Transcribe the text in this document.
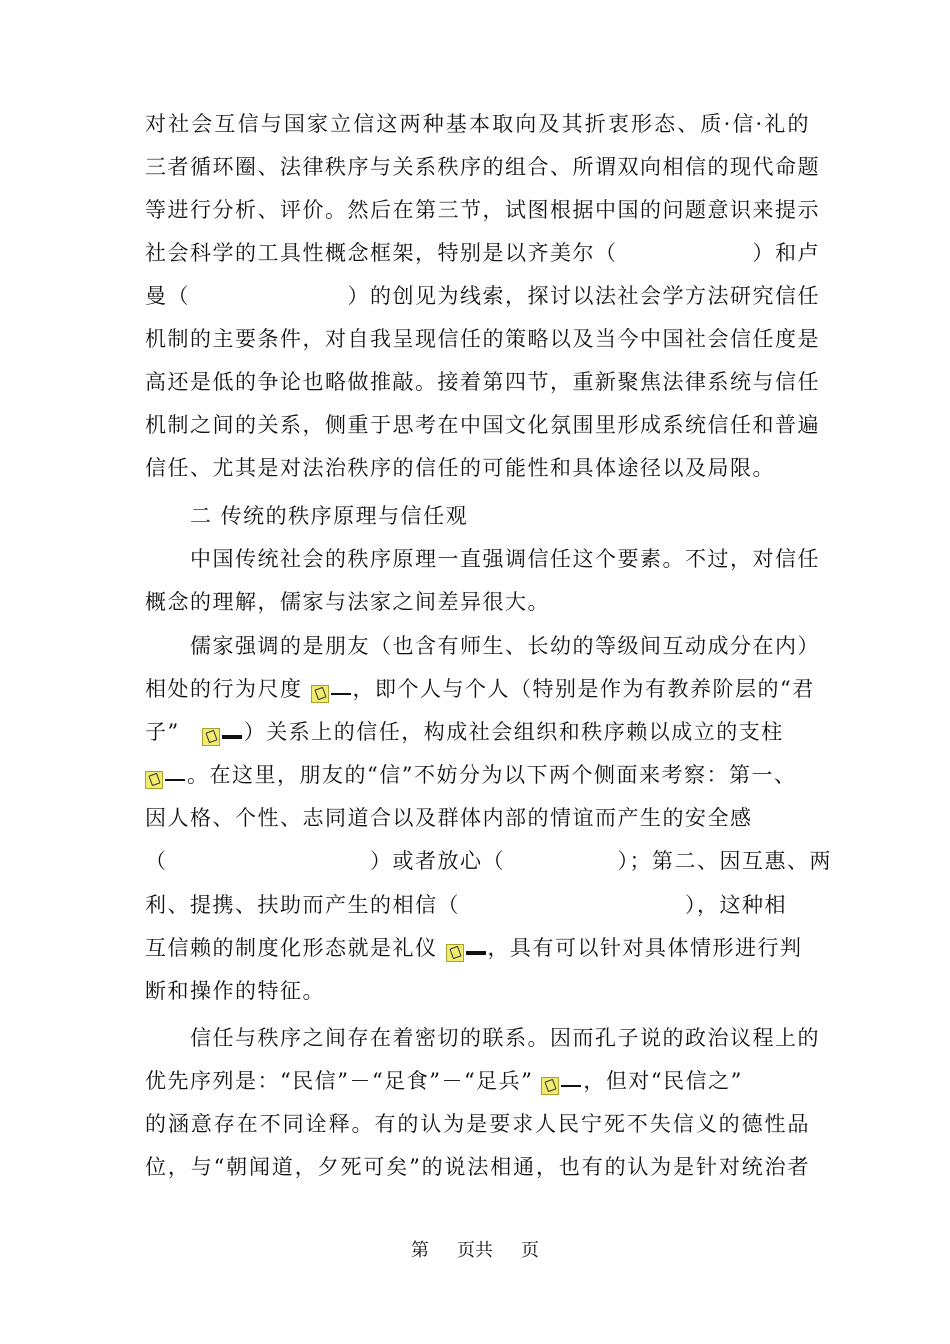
对社会互信与国家立信这两种基本取向及其折衷形态、质·信·礼的
三者循环圈、法律秩序与关系秩序的组合、所谓双向相信的现代命题
等进行分析、评价。然后在第三节，试图根据中国的问题意识来提示
社会科学的工具性概念框架，特别是以齐美尔（　　　　　　）和卢
曼（　　　　　　　）的创见为线索，探讨以法社会学方法研究信任
机制的主要条件，对自我呈现信任的策略以及当今中国社会信任度是
高还是低的争论也略做推敲。接着第四节，重新聚焦法律系统与信任
机制之间的关系，侧重于思考在中国文化氛围里形成系统信任和普遍
信任、尤其是对法治秩序的信任的可能性和具体途径以及局限。
二 传统的秩序原理与信任观
中国传统社会的秩序原理一直强调信任这个要素。不过，对信任
概念的理解，儒家与法家之间差异很大。
儒家强调的是朋友（也含有师生、长幼的等级间互动成分在内）
相处的行为尺度 ，即个人与个人（特别是作为有教养阶层的“君
子”	）关系上的信任，构成社会组织和秩序赖以成立的支柱
。在这里，朋友的“信”不妨分为以下两个侧面来考察：第一、
因人格、个性、志同道合以及群体内部的情谊而产生的安全感
（　　　　　　　　　）或者放心（　　　　　）；第二、因互惠、两
利、提携、扶助而产生的相信（　　　　　　　　　　），这种相
互信赖的制度化形态就是礼仪 ，具有可以针对具体情形进行判
断和操作的特征。
信任与秩序之间存在着密切的联系。因而孔子说的政治议程上的
优先序列是：“民信”－“足食”－“足兵” ，但对“民信之”
的涵意存在不同诠释。有的认为是要求人民宁死不失信义的德性品
位，与“朝闻道，夕死可矣”的说法相通，也有的认为是针对统治者
第 页共 页
